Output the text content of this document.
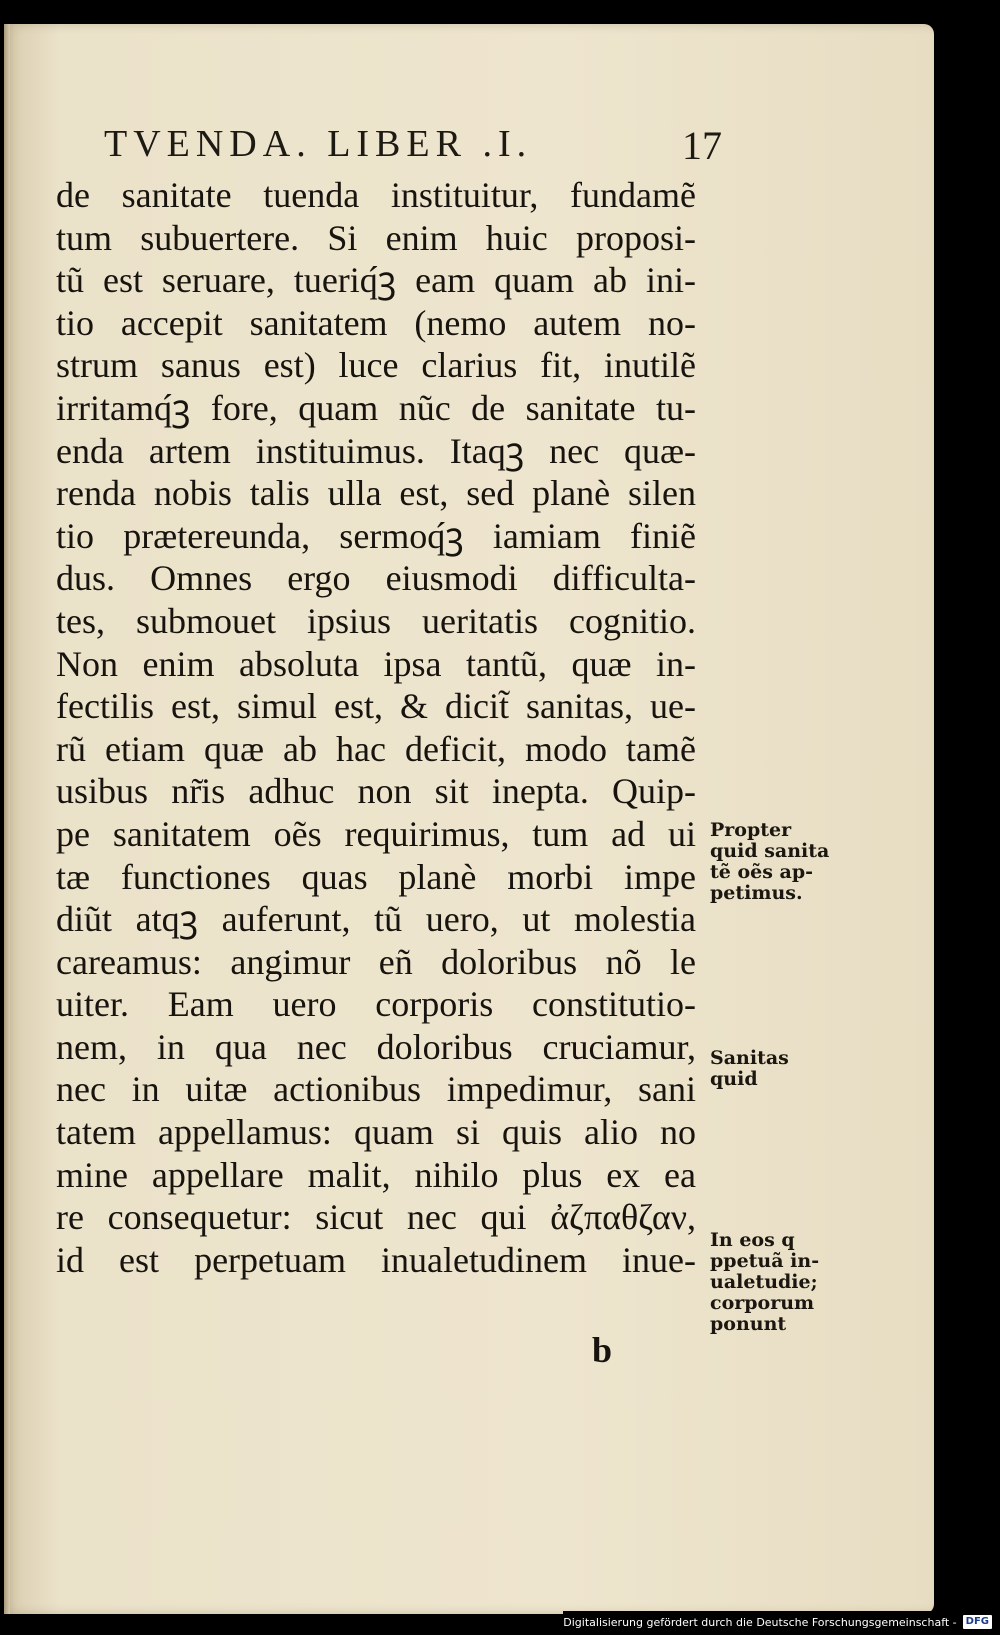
TVENDA. LIBER .I.	17
de sanitate tuenda instituitur, fundamẽ
tum subuertere. Si enim huic proposi-
tũ est seruare, tueriq́ꝫ eam quam ab ini-
tio accepit sanitatem (nemo autem no-
strum sanus est) luce clarius fit, inutilẽ
irritamq́ꝫ fore, quam nũc de sanitate tu-
enda artem instituimus. Itaqꝫ nec quæ-
renda nobis talis ulla est, sed planè silen
tio prætereunda, sermoq́ꝫ iamiam finiẽ
dus. Omnes ergo eiusmodi difficulta-
tes, submouet ipsius ueritatis cognitio.
Non enim absoluta ipsa tantũ, quæ in-
fectilis est, simul est, & dicit̃ sanitas, ue-
rũ etiam quæ ab hac deficit, modo tamẽ
usibus nr̃is adhuc non sit inepta. Quip-
pe sanitatem oẽs requirimus, tum ad ui
tæ functiones quas planè morbi impe
diũt atqꝫ auferunt, tũ uero, ut molestia
careamus: angimur eñ doloribus nõ le
uiter. Eam uero corporis constitutio-
nem, in qua nec doloribus cruciamur,
nec in uitæ actionibus impedimur, sani
tatem appellamus: quam si quis alio no
mine appellare malit, nihilo plus ex ea
re consequetur: sicut nec qui ἀζπαθζαν,
id est perpetuam inualetudinem inue-
b
Propter
quid sanita
tẽ oẽs ap-
petimus.
Sanitas
quid
In eos q
ppetuã in-
ualetudie;
corporum
ponunt
Digitalisierung gefördert durch die Deutsche Forschungsgemeinschaft - DFG
